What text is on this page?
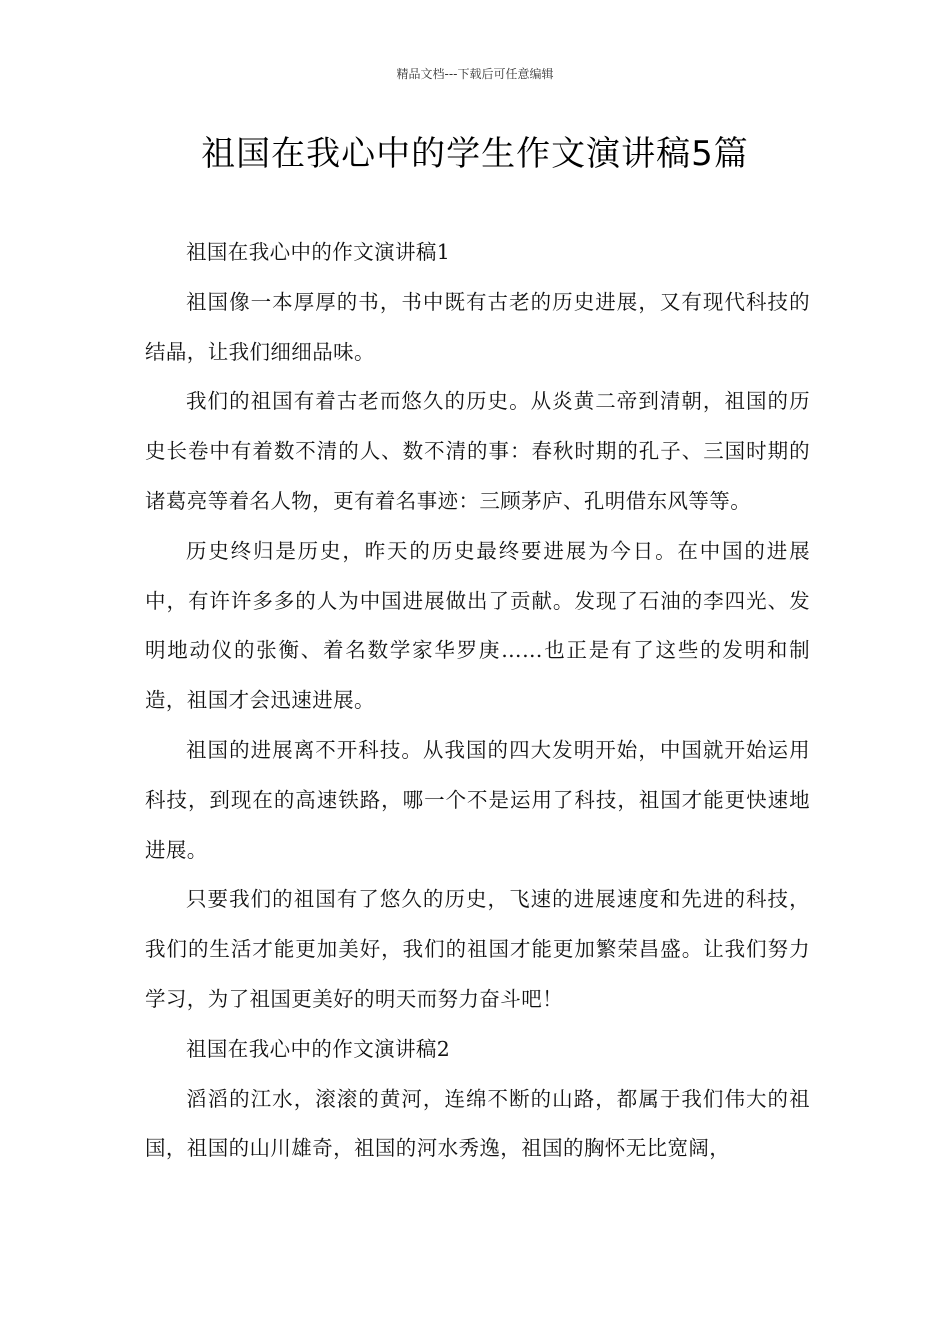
精品文档---下载后可任意编辑
祖国在我心中的学生作文演讲稿5篇

祖国在我心中的作文演讲稿1

祖国像一本厚厚的书，书中既有古老的历史进展，又有现代科技的结晶，让我们细细品味。

我们的祖国有着古老而悠久的历史。从炎黄二帝到清朝，祖国的历史长卷中有着数不清的人、数不清的事：春秋时期的孔子、三国时期的诸葛亮等着名人物，更有着名事迹：三顾茅庐、孔明借东风等等。

历史终归是历史，昨天的历史最终要进展为今日。在中国的进展中，有许许多多的人为中国进展做出了贡献。发现了石油的李四光、发明地动仪的张衡、着名数学家华罗庚……也正是有了这些的发明和制造，祖国才会迅速进展。

祖国的进展离不开科技。从我国的四大发明开始，中国就开始运用科技，到现在的高速铁路，哪一个不是运用了科技，祖国才能更快速地进展。

只要我们的祖国有了悠久的历史，飞速的进展速度和先进的科技，我们的生活才能更加美好，我们的祖国才能更加繁荣昌盛。让我们努力学习，为了祖国更美好的明天而努力奋斗吧！

祖国在我心中的作文演讲稿2

滔滔的江水，滚滚的黄河，连绵不断的山路，都属于我们伟大的祖国，祖国的山川雄奇，祖国的河水秀逸，祖国的胸怀无比宽阔，
